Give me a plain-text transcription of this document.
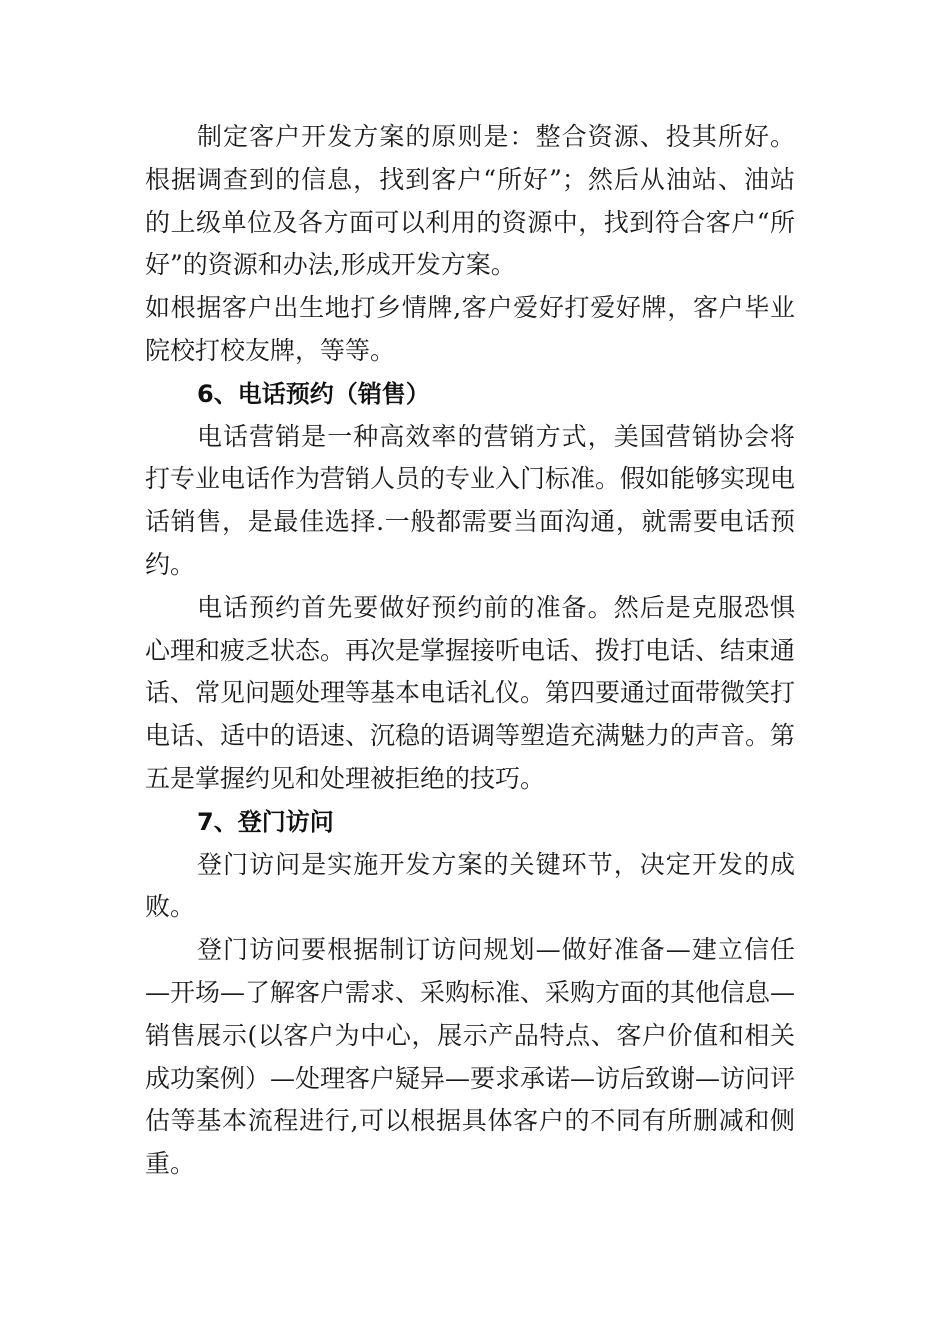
制定客户开发方案的原则是：整合资源、投其所好。根据调查到的信息，找到客户“所好”；然后从油站、油站的上级单位及各方面可以利用的资源中，找到符合客户“所好”的资源和办法,形成开发方案。

如根据客户出生地打乡情牌,客户爱好打爱好牌，客户毕业院校打校友牌，等等。

6、电话预约（销售）

电话营销是一种高效率的营销方式，美国营销协会将打专业电话作为营销人员的专业入门标准。假如能够实现电话销售，是最佳选择.一般都需要当面沟通，就需要电话预约。

电话预约首先要做好预约前的准备。然后是克服恐惧心理和疲乏状态。再次是掌握接听电话、拨打电话、结束通话、常见问题处理等基本电话礼仪。第四要通过面带微笑打电话、适中的语速、沉稳的语调等塑造充满魅力的声音。第五是掌握约见和处理被拒绝的技巧。

7、登门访问

登门访问是实施开发方案的关键环节，决定开发的成败。

登门访问要根据制订访问规划—做好准备—建立信任—开场—了解客户需求、采购标准、采购方面的其他信息—销售展示(以客户为中心，展示产品特点、客户价值和相关成功案例）—处理客户疑异—要求承诺—访后致谢—访问评估等基本流程进行,可以根据具体客户的不同有所删减和侧重。
